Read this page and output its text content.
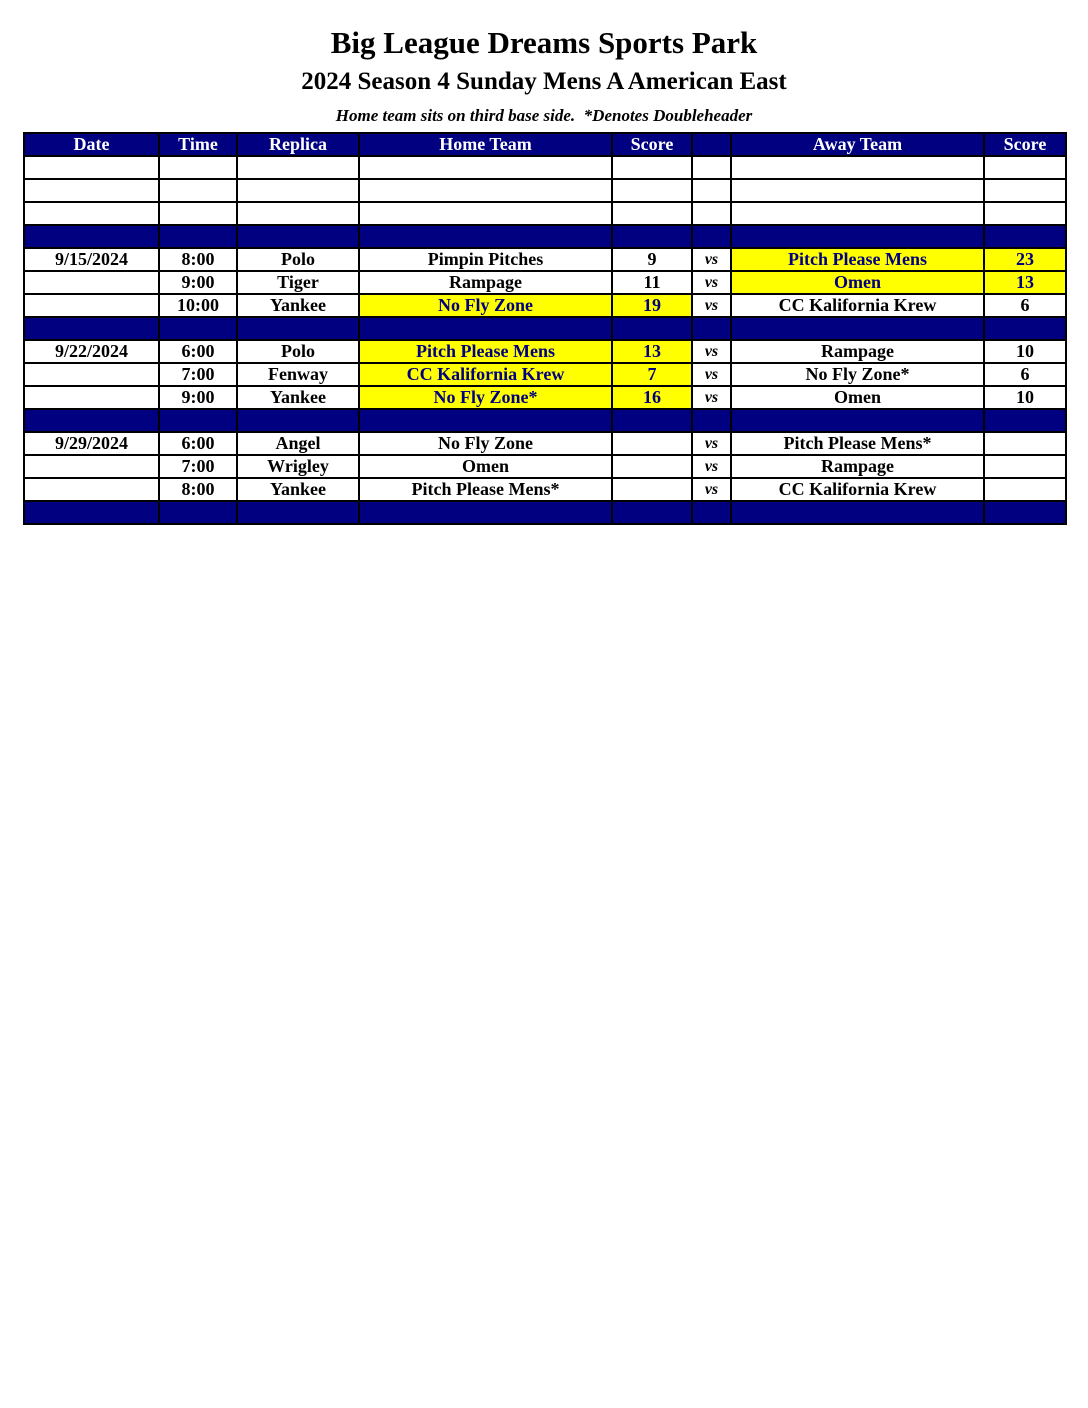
Big League Dreams Sports Park
2024 Season 4 Sunday Mens A American East
Home team sits on third base side.  *Denotes Doubleheader
Date	Time	Replica	Home Team	Score		Away Team	Score

9/15/2024	8:00	Polo	Pimpin Pitches	9	vs	Pitch Please Mens	23
	9:00	Tiger	Rampage	11	vs	Omen	13
	10:00	Yankee	No Fly Zone	19	vs	CC Kalifornia Krew	6

9/22/2024	6:00	Polo	Pitch Please Mens	13	vs	Rampage	10
	7:00	Fenway	CC Kalifornia Krew	7	vs	No Fly Zone*	6
	9:00	Yankee	No Fly Zone*	16	vs	Omen	10

9/29/2024	6:00	Angel	No Fly Zone		vs	Pitch Please Mens*	
	7:00	Wrigley	Omen		vs	Rampage	
	8:00	Yankee	Pitch Please Mens*		vs	CC Kalifornia Krew	
